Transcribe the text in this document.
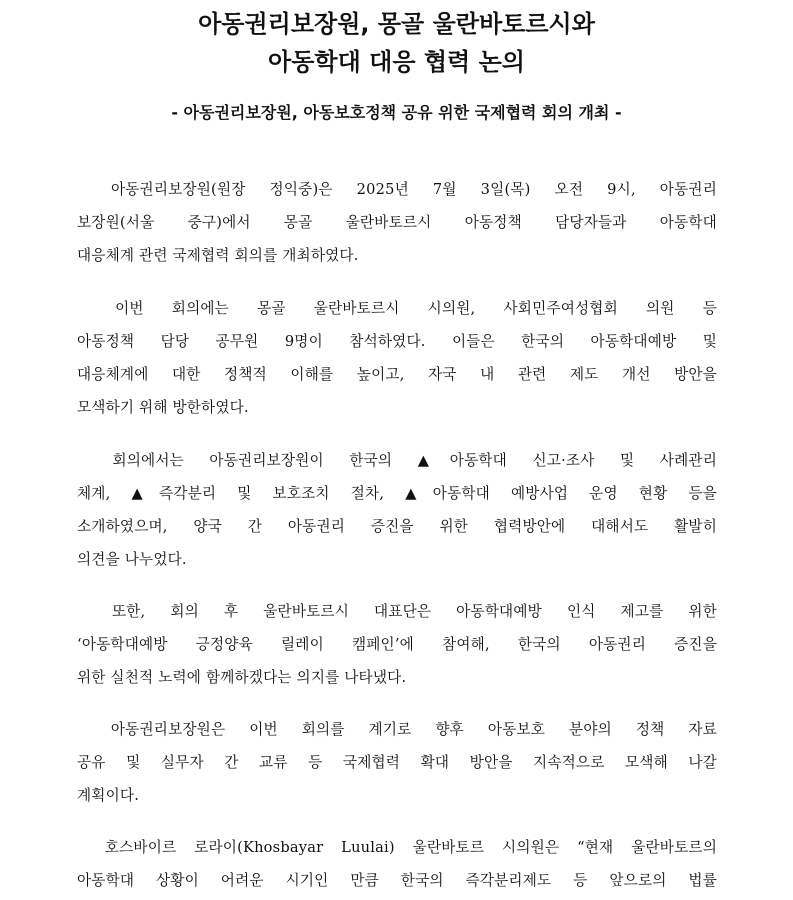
아동권리보장원, 몽골 울란바토르시와
아동학대 대응 협력 논의
- 아동권리보장원, 아동보호정책 공유 위한 국제협력 회의 개최 -
　아동권리보장원(원장 정익중)은 2025년 7월 3일(목) 오전 9시, 아동권리
보장원(서울 중구)에서 몽골 울란바토르시 아동정책 담당자들과 아동학대
대응체계 관련 국제협력 회의를 개최하였다.
　이번 회의에는 몽골 울란바토르시 시의원, 사회민주여성협회 의원 등
아동정책 담당 공무원 9명이 참석하였다. 이들은 한국의 아동학대예방 및
대응체계에 대한 정책적 이해를 높이고, 자국 내 관련 제도 개선 방안을
모색하기 위해 방한하였다.
　회의에서는 아동권리보장원이 한국의 ▲아동학대 신고·조사 및 사례관리
체계, ▲즉각분리 및 보호조치 절차, ▲아동학대 예방사업 운영 현황 등을
소개하였으며, 양국 간 아동권리 증진을 위한 협력방안에 대해서도 활발히
의견을 나누었다.
　또한, 회의 후 울란바토르시 대표단은 아동학대예방 인식 제고를 위한
‘아동학대예방 긍정양육 릴레이 캠페인’에 참여해, 한국의 아동권리 증진을
위한 실천적 노력에 함께하겠다는 의지를 나타냈다.
　아동권리보장원은 이번 회의를 계기로 향후 아동보호 분야의 정책 자료
공유 및 실무자 간 교류 등 국제협력 확대 방안을 지속적으로 모색해 나갈
계획이다.
　호스바이르 로라이(Khosbayar Luulai) 울란바토르 시의원은 “현재 울란바토르의
아동학대 상황이 어려운 시기인 만큼 한국의 즉각분리제도 등 앞으로의 법률
